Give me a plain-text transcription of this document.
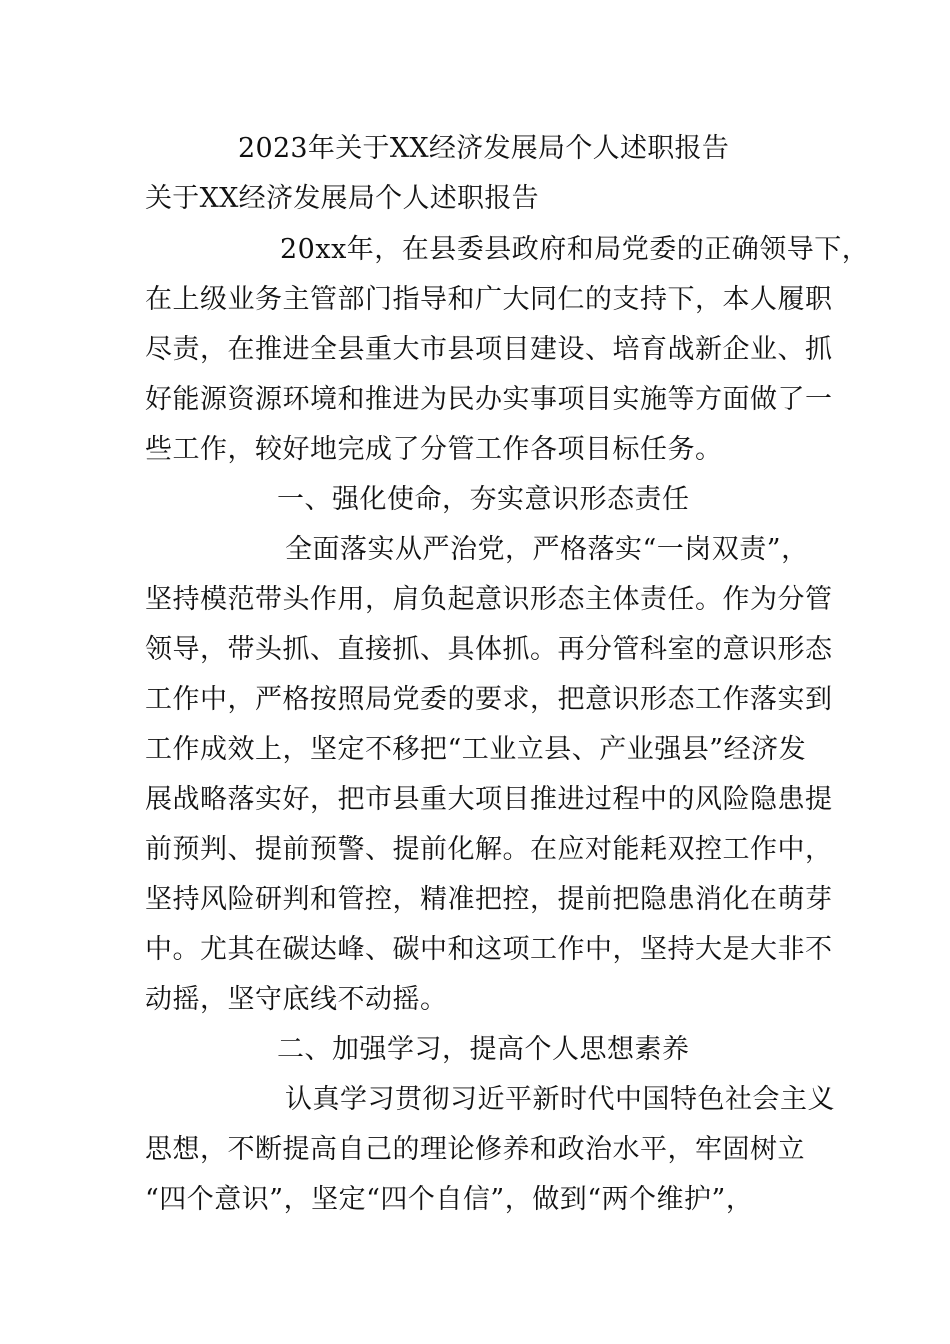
2023年关于XX经济发展局个人述职报告
关于XX经济发展局个人述职报告
20xx年，在县委县政府和局党委的正确领导下，
在上级业务主管部门指导和广大同仁的支持下，本人履职
尽责，在推进全县重大市县项目建设、培育战新企业、抓
好能源资源环境和推进为民办实事项目实施等方面做了一
些工作，较好地完成了分管工作各项目标任务。
一、强化使命，夯实意识形态责任
全面落实从严治党，严格落实“一岗双责”，
坚持模范带头作用，肩负起意识形态主体责任。作为分管
领导，带头抓、直接抓、具体抓。再分管科室的意识形态
工作中，严格按照局党委的要求，把意识形态工作落实到
工作成效上，坚定不移把“工业立县、产业强县”经济发
展战略落实好，把市县重大项目推进过程中的风险隐患提
前预判、提前预警、提前化解。在应对能耗双控工作中，
坚持风险研判和管控，精准把控，提前把隐患消化在萌芽
中。尤其在碳达峰、碳中和这项工作中，坚持大是大非不
动摇，坚守底线不动摇。
二、加强学习，提高个人思想素养
认真学习贯彻习近平新时代中国特色社会主义
思想，不断提高自己的理论修养和政治水平，牢固树立
“四个意识”，坚定“四个自信”，做到“两个维护”，
